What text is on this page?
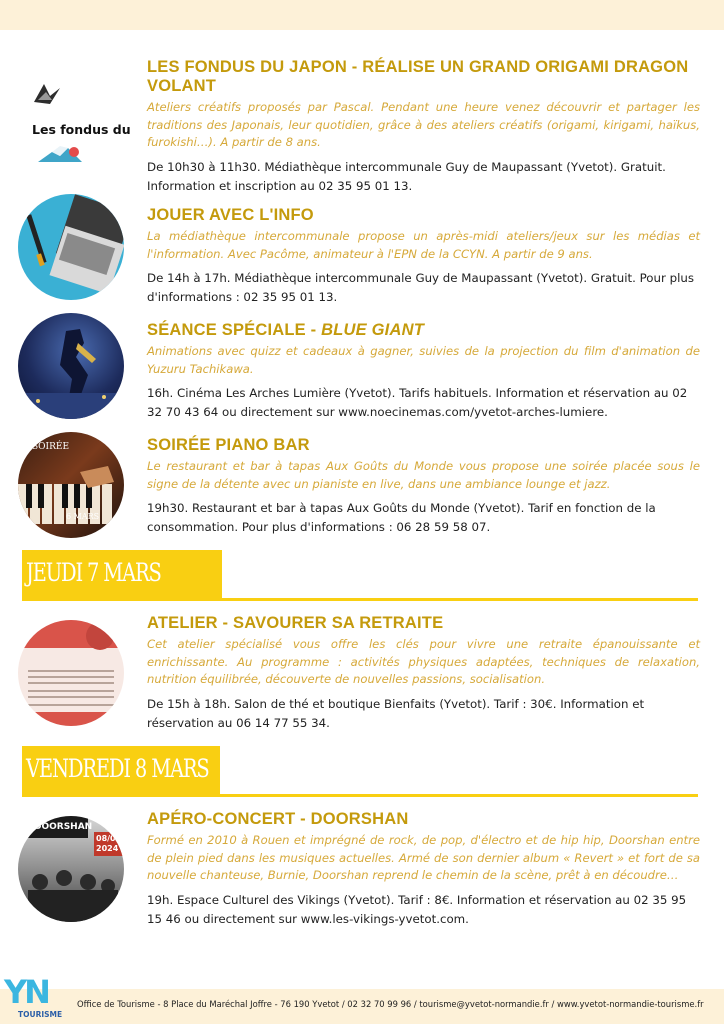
Les fondus du
LES FONDUS DU JAPON - RÉALISE UN GRAND ORIGAMI DRAGON VOLANT

Ateliers créatifs proposés par Pascal. Pendant une heure venez découvrir et partager les traditions des Japonais, leur quotidien, grâce à des ateliers créatifs (origami, kirigami, haïkus, furokishi…). A partir de 8 ans.

De 10h30 à 11h30. Médiathèque intercommunale Guy de Maupassant (Yvetot). Gratuit. Information et inscription au 02 35 95 01 13.

JOUER AVEC L'INFO

La médiathèque intercommunale propose un après-midi ateliers/jeux sur les médias et l'information. Avec Pacôme, animateur à l'EPN de la CCYN. A partir de 9 ans.

De 14h à 17h. Médiathèque intercommunale Guy de Maupassant (Yvetot). Gratuit. Pour plus d'informations : 02 35 95 01 13.

SÉANCE SPÉCIALE - BLUE GIANT

Animations avec quizz et cadeaux à gagner, suivies de la projection du film d'animation de Yuzuru Tachikawa.

16h. Cinéma Les Arches Lumière (Yvetot). Tarifs habituels. Information et réservation au 02 32 70 43 64 ou directement sur www.noecinemas.com/yvetot-arches-lumiere.

SOIRÉE
6 MARS
SOIRÉE PIANO BAR

Le restaurant et bar à tapas Aux Goûts du Monde vous propose une soirée placée sous le signe de la détente avec un pianiste en live, dans une ambiance lounge et jazz.

19h30. Restaurant et bar à tapas Aux Goûts du Monde (Yvetot). Tarif en fonction de la consommation. Pour plus d'informations : 06 28 59 58 07.

JEUDI 7 MARS
ATELIER - SAVOURER SA RETRAITE

Cet atelier spécialisé vous offre les clés pour vivre une retraite épanouissante et enrichissante. Au programme : activités physiques adaptées, techniques de relaxation, nutrition équilibrée, découverte de nouvelles passions, socialisation.

De 15h à 18h. Salon de thé et boutique Bienfaits (Yvetot). Tarif : 30€. Information et réservation au 06 14 77 55 34.

VENDREDI 8 MARS
DOORSHAN
08/0
2024
APÉRO-CONCERT - DOORSHAN

Formé en 2010 à Rouen et imprégné de rock, de pop, d'électro et de hip hip, Doorshan entre de plein pied dans les musiques actuelles. Armé de son dernier album « Revert » et fort de sa nouvelle chanteuse, Burnie, Doorshan reprend le chemin de la scène, prêt à en découdre…

19h. Espace Culturel des Vikings (Yvetot). Tarif : 8€. Information et réservation au 02 35 95 15 46 ou directement sur www.les-vikings-yvetot.com.

Office de Tourisme - 8 Place du Maréchal Joffre - 76 190 Yvetot / 02 32 70 99 96 / tourisme@yvetot-normandie.fr / www.yvetot-normandie-tourisme.fr
YN
TOURISME
